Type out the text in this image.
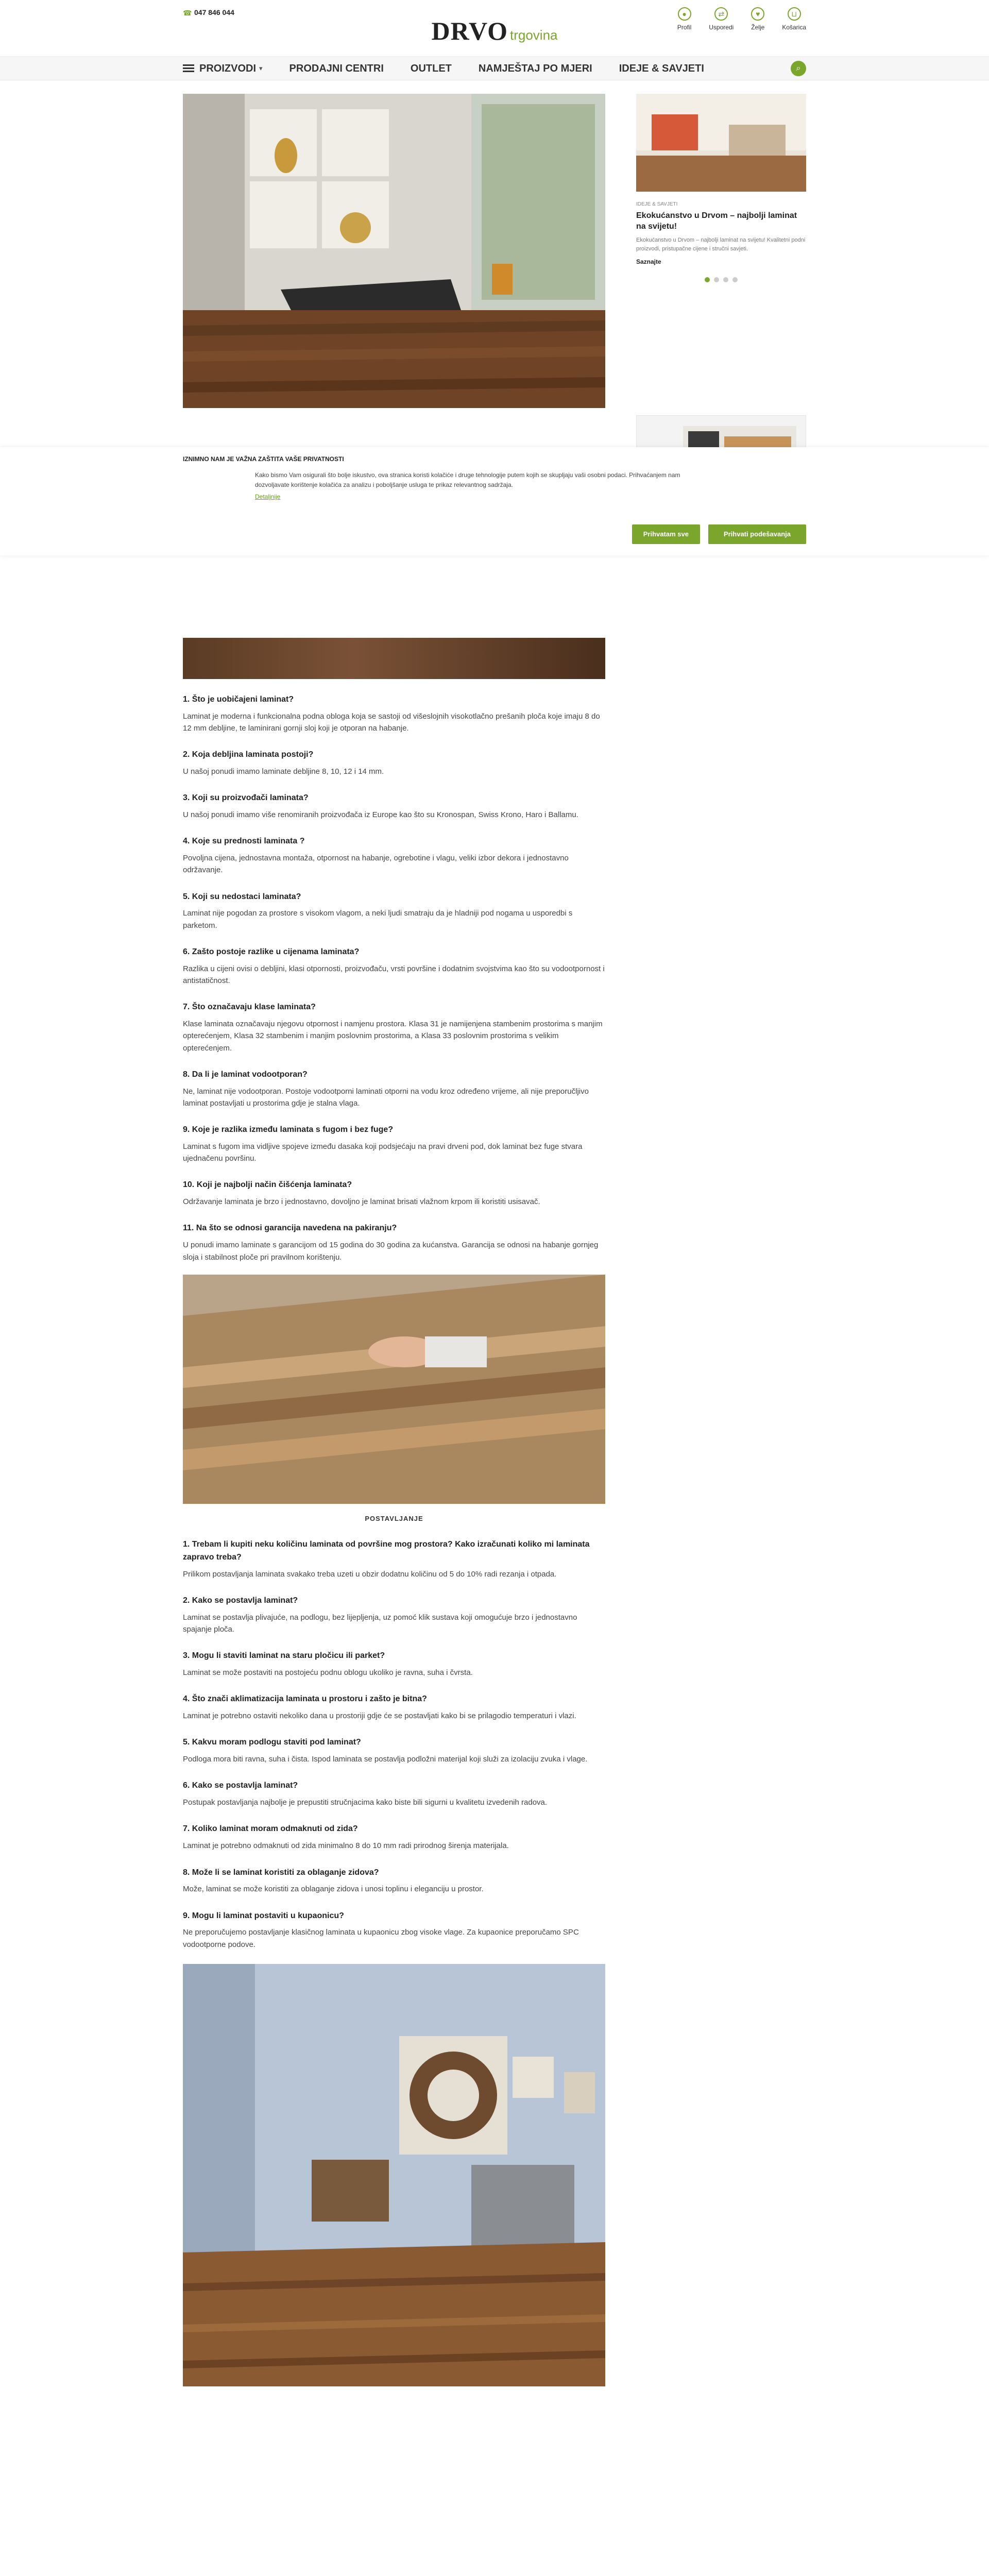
☎ 047 846 044
DRVO trgovina
●
Profil
⇄
Usporedi
♥
Želje
⊔
Košarica
PROIZVODI ▾	PRODAJNI CENTRI	OUTLET	NAMJEŠTAJ PO MJERI	IDEJE & SAVJETI	⌕
IDEJE & SAVJETI
Ekokućanstvo u Drvom – najbolji laminat na svijetu!
Ekokućanstvo u Drvom – najbolji laminat na svijetu! Kvalitetni podni proizvodi, pristupačne cijene i stručni savjeti.
Saznajte
1. Što je uobičajeni laminat?
Laminat je moderna i funkcionalna podna obloga koja se sastoji od višeslojnih visokotlačno prešanih ploča koje imaju 8 do 12 mm debljine, te laminirani gornji sloj koji je otporan na habanje.
2. Koja debljina laminata postoji?
U našoj ponudi imamo laminate debljine 8, 10, 12 i 14 mm.
3. Koji su proizvođači laminata?
U našoj ponudi imamo više renomiranih proizvođača iz Europe kao što su Kronospan, Swiss Krono, Haro i Ballamu.
4. Koje su prednosti laminata ?
Povoljna cijena, jednostavna montaža, otpornost na habanje, ogrebotine i vlagu, veliki izbor dekora i jednostavno održavanje.
5. Koji su nedostaci laminata?
Laminat nije pogodan za prostore s visokom vlagom, a neki ljudi smatraju da je hladniji pod nogama u usporedbi s parketom.
6. Zašto postoje razlike u cijenama laminata?
Razlika u cijeni ovisi o debljini, klasi otpornosti, proizvođaču, vrsti površine i dodatnim svojstvima kao što su vodootpornost i antistatičnost.
7. Što označavaju klase laminata?
Klase laminata označavaju njegovu otpornost i namjenu prostora. Klasa 31 je namijenjena stambenim prostorima s manjim opterećenjem, Klasa 32 stambenim i manjim poslovnim prostorima, a Klasa 33 poslovnim prostorima s velikim opterećenjem.
8. Da li je laminat vodootporan?
Ne, laminat nije vodootporan. Postoje vodootporni laminati otporni na vodu kroz određeno vrijeme, ali nije preporučljivo laminat postavljati u prostorima gdje je stalna vlaga.
9. Koje je razlika između laminata s fugom i bez fuge?
Laminat s fugom ima vidljive spojeve između dasaka koji podsjećaju na pravi drveni pod, dok laminat bez fuge stvara ujednačenu površinu.
10. Koji je najbolji način čišćenja laminata?
Održavanje laminata je brzo i jednostavno, dovoljno je laminat brisati vlažnom krpom ili koristiti usisavač.
11. Na što se odnosi garancija navedena na pakiranju?
U ponudi imamo laminate s garancijom od 15 godina do 30 godina za kućanstva. Garancija se odnosi na habanje gornjeg sloja i stabilnost ploče pri pravilnom korištenju.
POSTAVLJANJE
1. Trebam li kupiti neku količinu laminata od površine mog prostora? Kako izračunati koliko mi laminata zapravo treba?
Prilikom postavljanja laminata svakako treba uzeti u obzir dodatnu količinu od 5 do 10% radi rezanja i otpada.
2. Kako se postavlja laminat?
Laminat se postavlja plivajuće, na podlogu, bez lijepljenja, uz pomoć klik sustava koji omogućuje brzo i jednostavno spajanje ploča.
3. Mogu li staviti laminat na staru pločicu ili parket?
Laminat se može postaviti na postojeću podnu oblogu ukoliko je ravna, suha i čvrsta.
4. Što znači aklimatizacija laminata u prostoru i zašto je bitna?
Laminat je potrebno ostaviti nekoliko dana u prostoriji gdje će se postavljati kako bi se prilagodio temperaturi i vlazi.
5. Kakvu moram podlogu staviti pod laminat?
Podloga mora biti ravna, suha i čista. Ispod laminata se postavlja podložni materijal koji služi za izolaciju zvuka i vlage.
6. Kako se postavlja laminat?
Postupak postavljanja najbolje je prepustiti stručnjacima kako biste bili sigurni u kvalitetu izvedenih radova.
7. Koliko laminat moram odmaknuti od zida?
Laminat je potrebno odmaknuti od zida minimalno 8 do 10 mm radi prirodnog širenja materijala.
8. Može li se laminat koristiti za oblaganje zidova?
Može, laminat se može koristiti za oblaganje zidova i unosi toplinu i eleganciju u prostor.
9. Mogu li laminat postaviti u kupaonicu?
Ne preporučujemo postavljanje klasičnog laminata u kupaonicu zbog visoke vlage. Za kupaonice preporučamo SPC vodootporne podove.
IZNIMNO NAM JE VAŽNA ZAŠTITA VAŠE PRIVATNOSTI
Kako bismo Vam osigurali što bolje iskustvo, ova stranica koristi kolačiće i druge tehnologije putem kojih se skupljaju vaši osobni podaci. Prihvaćanjem nam dozvoljavate korištenje kolačića za analizu i poboljšanje usluga te prikaz relevantnog sadržaja.
Detaljnije
Prihvatam sve	Prihvati podešavanja
